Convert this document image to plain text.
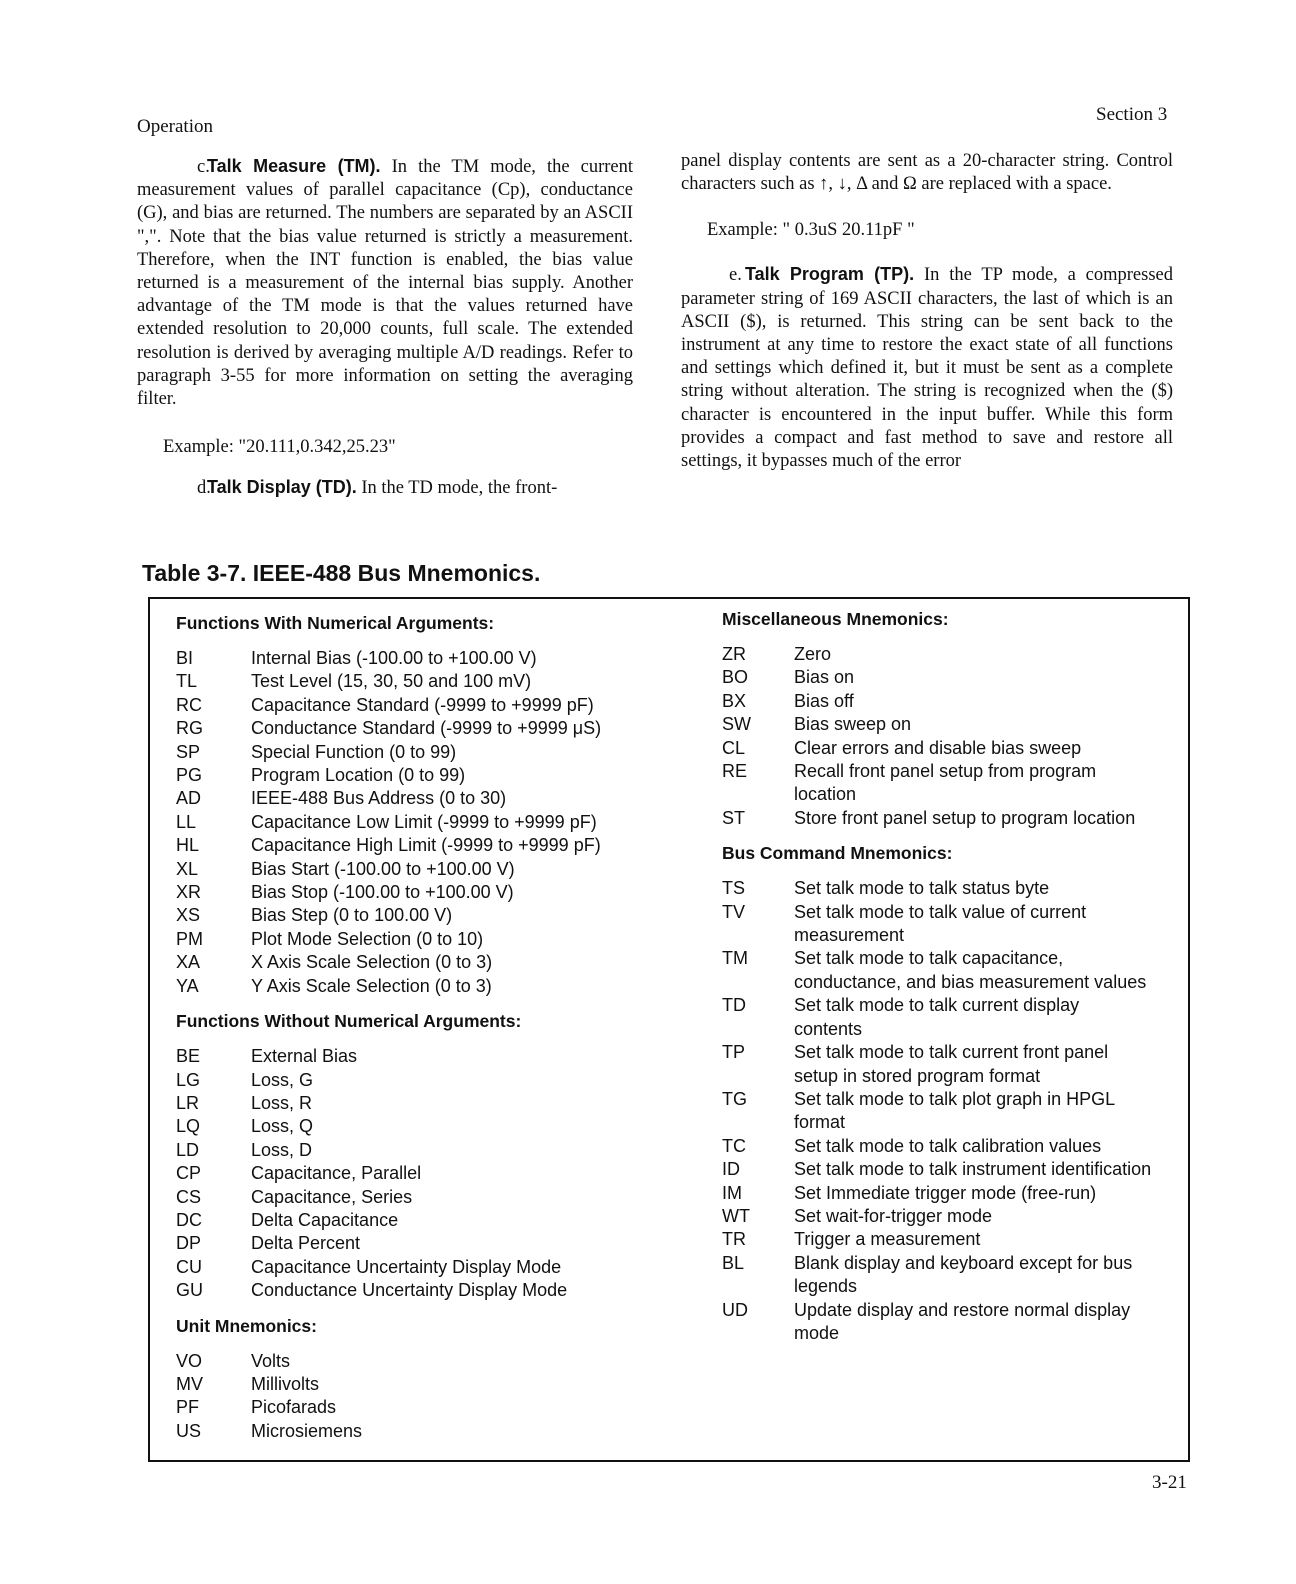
Operation
Section 3
c.Talk Measure (TM). In the TM mode, the current measurement values of parallel capacitance (Cp), conductance (G), and bias are returned. The numbers are separated by an ASCII ",". Note that the bias value returned is strictly a measurement. Therefore, when the INT function is enabled, the bias value returned is a measurement of the internal bias supply. Another advantage of the TM mode is that the values returned have extended resolution to 20,000 counts, full scale. The extended resolution is derived by averaging multiple A/D readings. Refer to paragraph 3-55 for more information on setting the averaging filter.
Example: "20.111,0.342,25.23"
d.Talk Display (TD). In the TD mode, the front-
panel display contents are sent as a 20-character string. Control characters such as ↑, ↓, Δ and Ω are replaced with a space.
Example: " 0.3uS 20.11pF "
e. Talk Program (TP). In the TP mode, a compressed parameter string of 169 ASCII characters, the last of which is an ASCII ($), is returned. This string can be sent back to the instrument at any time to restore the exact state of all functions and settings which defined it, but it must be sent as a complete string without alteration. The string is recognized when the ($) character is encountered in the input buffer. While this form provides a compact and fast method to save and restore all settings, it bypasses much of the error
Table 3-7. IEEE-488 Bus Mnemonics.
Functions With Numerical Arguments:
BI	Internal Bias (-100.00 to +100.00 V)
TL	Test Level (15, 30, 50 and 100 mV)
RC	Capacitance Standard (-9999 to +9999 pF)
RG	Conductance Standard (-9999 to +9999 μS)
SP	Special Function (0 to 99)
PG	Program Location (0 to 99)
AD	IEEE-488 Bus Address (0 to 30)
LL	Capacitance Low Limit (-9999 to +9999 pF)
HL	Capacitance High Limit (-9999 to +9999 pF)
XL	Bias Start (-100.00 to +100.00 V)
XR	Bias Stop (-100.00 to +100.00 V)
XS	Bias Step (0 to 100.00 V)
PM	Plot Mode Selection (0 to 10)
XA	X Axis Scale Selection (0 to 3)
YA	Y Axis Scale Selection (0 to 3)
Functions Without Numerical Arguments:
BE	External Bias
LG	Loss, G
LR	Loss, R
LQ	Loss, Q
LD	Loss, D
CP	Capacitance, Parallel
CS	Capacitance, Series
DC	Delta Capacitance
DP	Delta Percent
CU	Capacitance Uncertainty Display Mode
GU	Conductance Uncertainty Display Mode
Unit Mnemonics:
VO	Volts
MV	Millivolts
PF	Picofarads
US	Microsiemens
Miscellaneous Mnemonics:
ZR	Zero
BO	Bias on
BX	Bias off
SW	Bias sweep on
CL	Clear errors and disable bias sweep
RE	Recall front panel setup from program location
ST	Store front panel setup to program location
Bus Command Mnemonics:
TS	Set talk mode to talk status byte
TV	Set talk mode to talk value of current measurement
TM	Set talk mode to talk capacitance, conductance, and bias measurement values
TD	Set talk mode to talk current display contents
TP	Set talk mode to talk current front panel setup in stored program format
TG	Set talk mode to talk plot graph in HPGL format
TC	Set talk mode to talk calibration values
ID	Set talk mode to talk instrument identification
IM	Set Immediate trigger mode (free-run)
WT	Set wait-for-trigger mode
TR	Trigger a measurement
BL	Blank display and keyboard except for bus legends
UD	Update display and restore normal display mode
3-21
